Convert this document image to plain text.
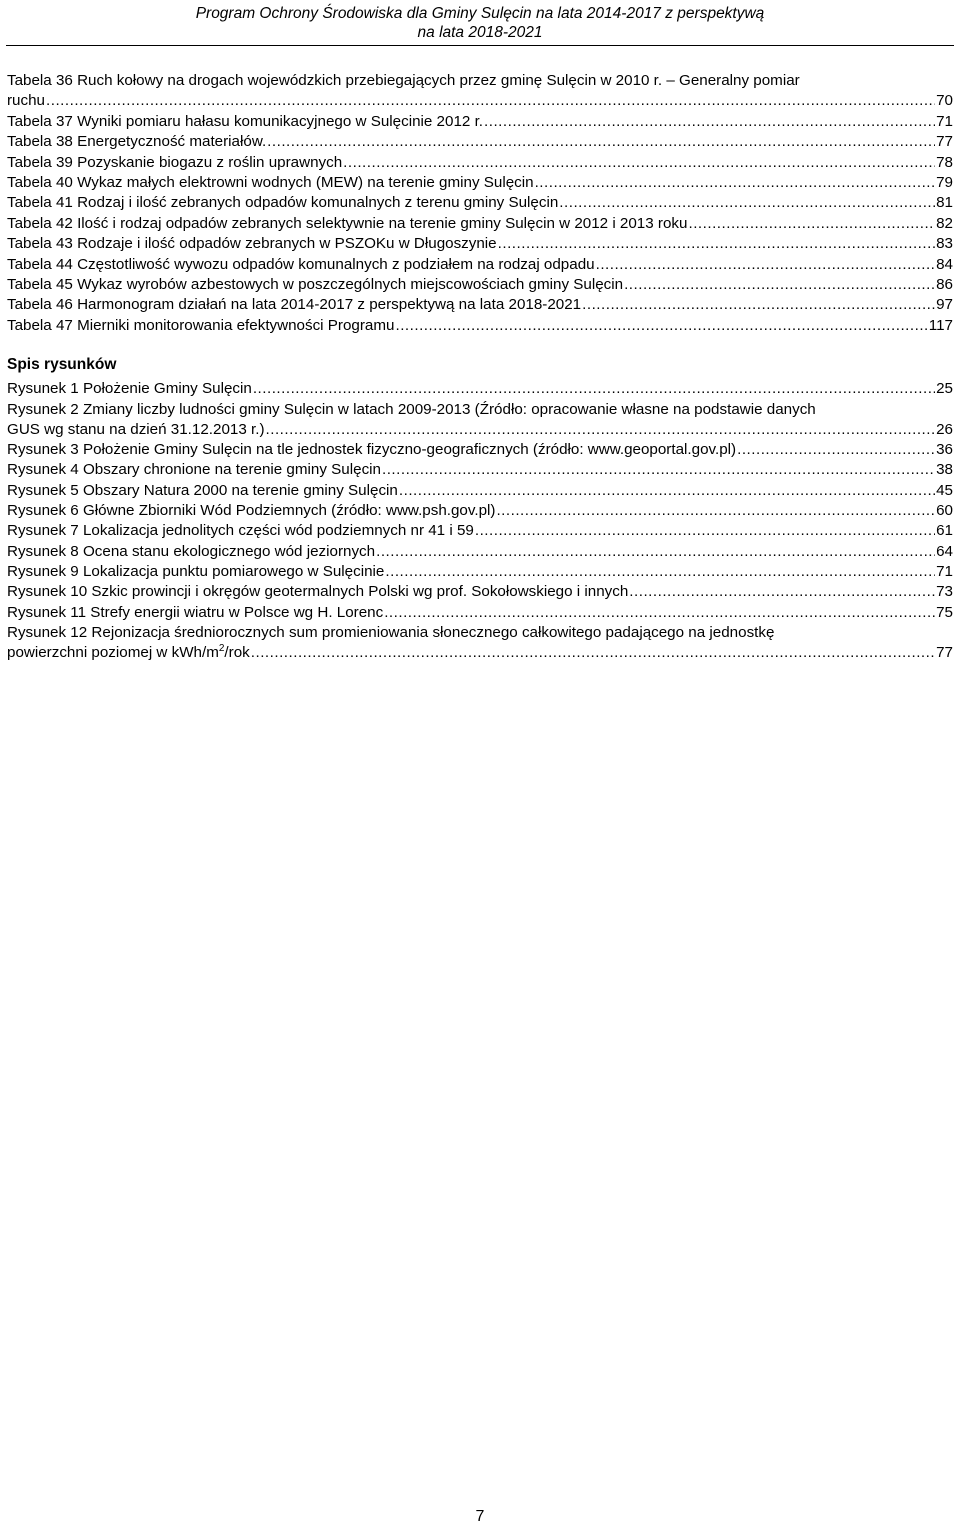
Program Ochrony Środowiska dla Gminy Sulęcin na lata 2014-2017 z perspektywą
na lata 2018-2021
Tabela 36 Ruch kołowy na drogach wojewódzkich przebiegających przez gminę Sulęcin w 2010 r. – Generalny pomiar
ruchu .....	70
Tabela 37 Wyniki pomiaru hałasu komunikacyjnego w Sulęcinie 2012 r. .....	71
Tabela 38 Energetyczność materiałów. .....	77
Tabela 39 Pozyskanie biogazu z roślin uprawnych .....	78
Tabela 40 Wykaz małych elektrowni wodnych (MEW) na terenie gminy Sulęcin .....	79
Tabela 41 Rodzaj i ilość zebranych odpadów komunalnych z terenu gminy Sulęcin .....	81
Tabela 42 Ilość i rodzaj odpadów zebranych selektywnie na terenie gminy Sulęcin w 2012 i 2013 roku .....	82
Tabela 43 Rodzaje i ilość odpadów zebranych w PSZOKu w Długoszynie .....	83
Tabela 44 Częstotliwość wywozu odpadów komunalnych z podziałem na rodzaj odpadu .....	84
Tabela 45 Wykaz wyrobów azbestowych w poszczególnych miejscowościach gminy Sulęcin .....	86
Tabela 46 Harmonogram działań na lata 2014-2017 z perspektywą na lata 2018-2021 .....	97
Tabela 47 Mierniki monitorowania efektywności Programu .....	117
Spis rysunków
Rysunek 1 Położenie Gminy Sulęcin .....	25
Rysunek 2 Zmiany liczby ludności gminy Sulęcin w latach 2009-2013 (Źródło: opracowanie własne na podstawie danych
GUS wg stanu na dzień 31.12.2013 r.) .....	26
Rysunek 3 Położenie Gminy Sulęcin na tle jednostek fizyczno-geograficznych (źródło: www.geoportal.gov.pl) .....	36
Rysunek 4 Obszary chronione na terenie gminy Sulęcin .....	38
Rysunek 5 Obszary Natura 2000 na terenie gminy Sulęcin .....	45
Rysunek 6 Główne Zbiorniki Wód Podziemnych (źródło: www.psh.gov.pl) .....	60
Rysunek 7 Lokalizacja jednolitych części wód podziemnych nr 41 i 59 .....	61
Rysunek 8 Ocena stanu ekologicznego wód jeziornych .....	64
Rysunek 9 Lokalizacja punktu pomiarowego w Sulęcinie .....	71
Rysunek 10 Szkic prowincji i okręgów geotermalnych Polski wg prof. Sokołowskiego i innych .....	73
Rysunek 11 Strefy energii wiatru w Polsce wg H. Lorenc .....	75
Rysunek 12 Rejonizacja średniorocznych sum promieniowania słonecznego całkowitego padającego na jednostkę
powierzchni poziomej w kWh/$m^2$/rok .....	77
7
